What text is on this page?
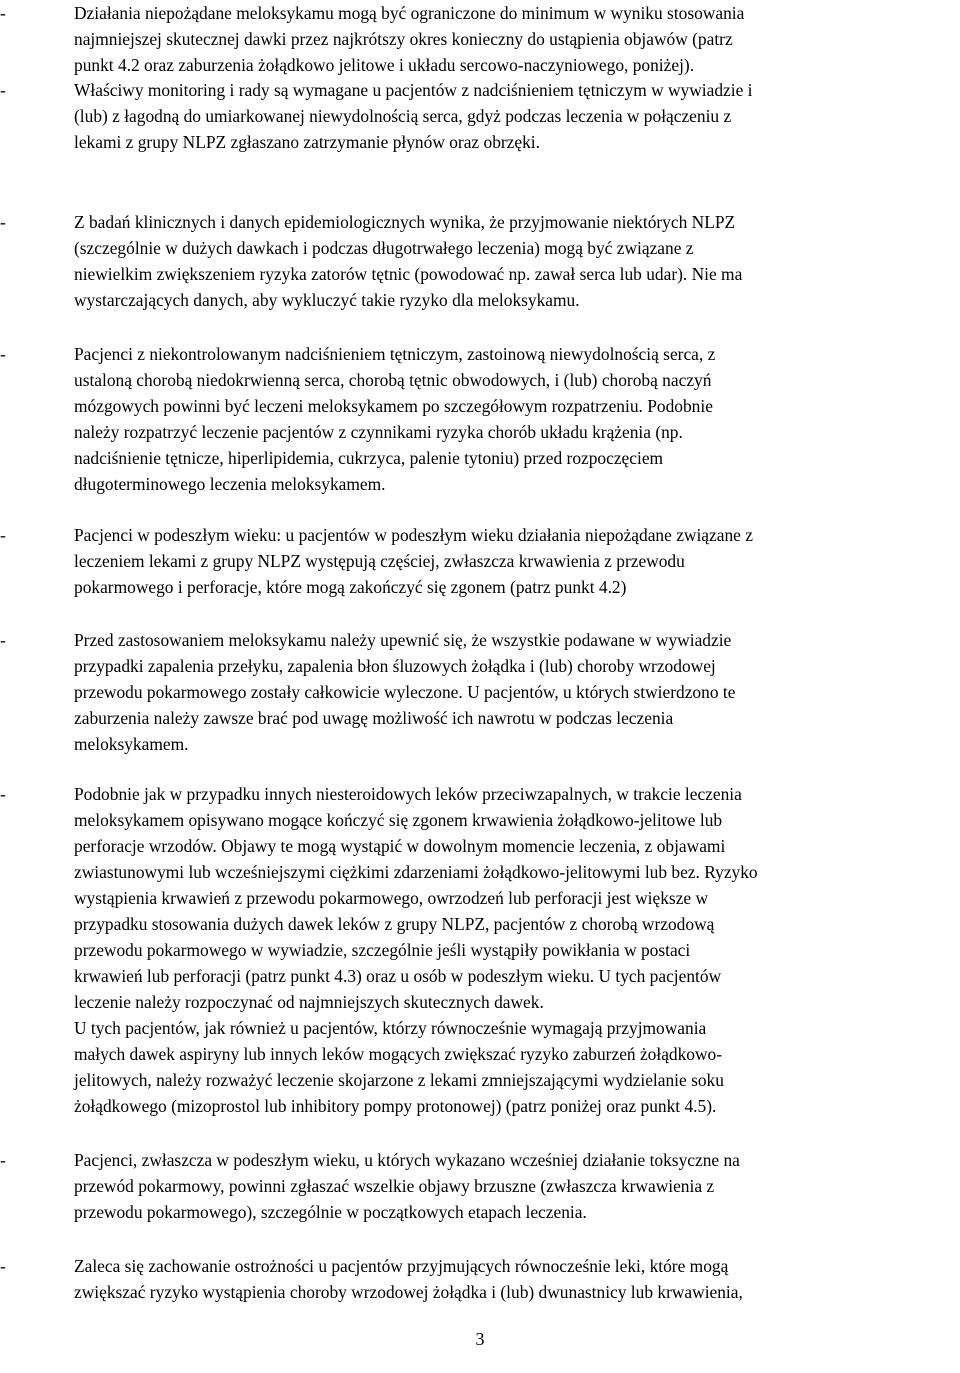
-	Działania niepożądane meloksykamu mogą być ograniczone do minimum w wyniku stosowania
najmniejszej skutecznej dawki przez najkrótszy okres konieczny do ustąpienia objawów (patrz
punkt 4.2 oraz zaburzenia żołądkowo jelitowe i układu sercowo-naczyniowego, poniżej).
-	Właściwy monitoring i rady są wymagane u pacjentów z nadciśnieniem tętniczym w wywiadzie i
(lub) z łagodną do umiarkowanej niewydolnością serca, gdyż podczas leczenia w połączeniu z
lekami z grupy NLPZ zgłaszano zatrzymanie płynów oraz obrzęki.
-	Z badań klinicznych i danych epidemiologicznych wynika, że przyjmowanie niektórych NLPZ
(szczególnie w dużych dawkach i podczas długotrwałego leczenia) mogą być związane z
niewielkim zwiększeniem ryzyka zatorów tętnic (powodować np. zawał serca lub udar). Nie ma
wystarczających danych, aby wykluczyć takie ryzyko dla meloksykamu.
-	Pacjenci z niekontrolowanym nadciśnieniem tętniczym, zastoinową niewydolnością serca, z
ustaloną chorobą niedokrwienną serca, chorobą tętnic obwodowych, i (lub) chorobą naczyń
mózgowych powinni być leczeni meloksykamem po szczegółowym rozpatrzeniu. Podobnie
należy rozpatrzyć leczenie pacjentów z czynnikami ryzyka chorób układu krążenia (np.
nadciśnienie tętnicze, hiperlipidemia, cukrzyca, palenie tytoniu) przed rozpoczęciem
długoterminowego leczenia meloksykamem.
-	Pacjenci w podeszłym wieku: u pacjentów w podeszłym wieku działania niepożądane związane z
leczeniem lekami z grupy NLPZ występują częściej, zwłaszcza krwawienia z przewodu
pokarmowego i perforacje, które mogą zakończyć się zgonem (patrz punkt 4.2)
-	Przed zastosowaniem meloksykamu należy upewnić się, że wszystkie podawane w wywiadzie
przypadki zapalenia przełyku, zapalenia błon śluzowych żołądka i (lub) choroby wrzodowej
przewodu pokarmowego zostały całkowicie wyleczone. U pacjentów, u których stwierdzono te
zaburzenia należy zawsze brać pod uwagę możliwość ich nawrotu w podczas leczenia
meloksykamem.
-	Podobnie jak w przypadku innych niesteroidowych leków przeciwzapalnych, w trakcie leczenia
meloksykamem opisywano mogące kończyć się zgonem krwawienia żołądkowo-jelitowe lub
perforacje wrzodów. Objawy te mogą wystąpić w dowolnym momencie leczenia, z objawami
zwiastunowymi lub wcześniejszymi ciężkimi zdarzeniami żołądkowo-jelitowymi lub bez. Ryzyko
wystąpienia krwawień z przewodu pokarmowego, owrzodzeń lub perforacji jest większe w
przypadku stosowania dużych dawek leków z grupy NLPZ, pacjentów z chorobą wrzodową
przewodu pokarmowego w wywiadzie, szczególnie jeśli wystąpiły powikłania w postaci
krwawień lub perforacji (patrz punkt 4.3) oraz u osób w podeszłym wieku. U tych pacjentów
leczenie należy rozpoczynać od najmniejszych skutecznych dawek.
U tych pacjentów, jak również u pacjentów, którzy równocześnie wymagają przyjmowania
małych dawek aspiryny lub innych leków mogących zwiększać ryzyko zaburzeń żołądkowo-
jelitowych, należy rozważyć leczenie skojarzone z lekami zmniejszającymi wydzielanie soku
żołądkowego (mizoprostol lub inhibitory pompy protonowej) (patrz poniżej oraz punkt 4.5).
-	Pacjenci, zwłaszcza w podeszłym wieku, u których wykazano wcześniej działanie toksyczne na
przewód pokarmowy, powinni zgłaszać wszelkie objawy brzuszne (zwłaszcza krwawienia z
przewodu pokarmowego), szczególnie w początkowych etapach leczenia.
-	Zaleca się zachowanie ostrożności u pacjentów przyjmujących równocześnie leki, które mogą
zwiększać ryzyko wystąpienia choroby wrzodowej żołądka i (lub) dwunastnicy lub krwawienia,
3
